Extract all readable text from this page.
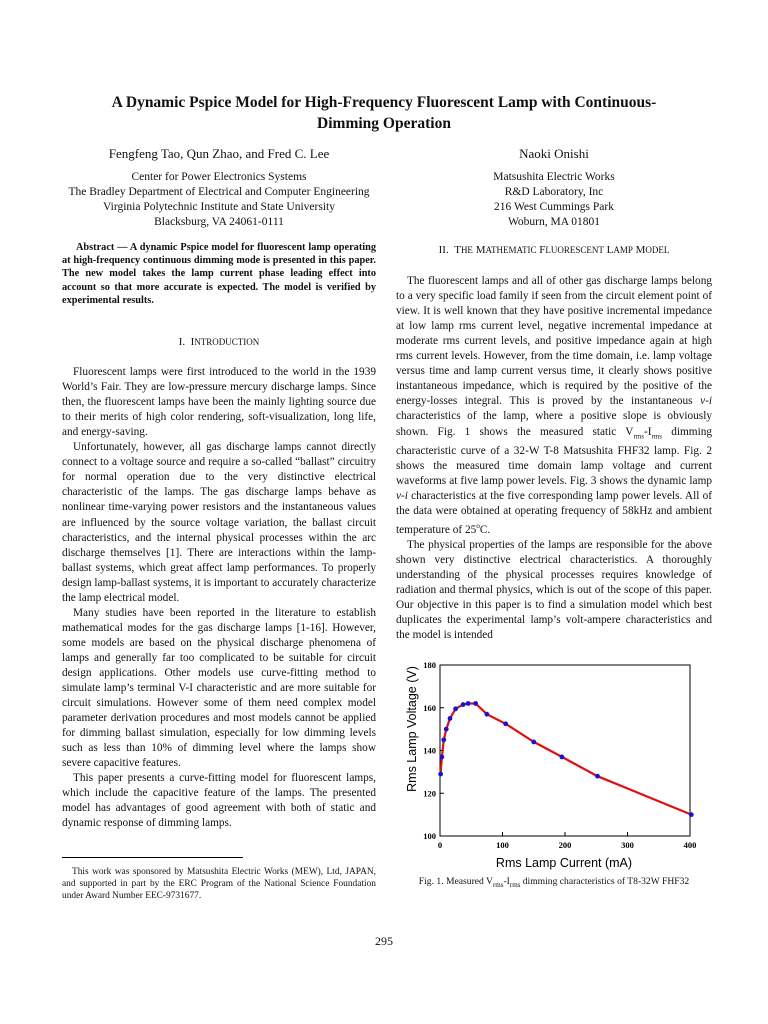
A Dynamic Pspice Model for High-Frequency Fluorescent Lamp with Continuous-
Dimming Operation
Fengfeng Tao, Qun Zhao, and Fred C. Lee	Naoki Onishi
Center for Power Electronics Systems
The Bradley Department of Electrical and Computer Engineering
Virginia Polytechnic Institute and State University
Blacksburg, VA 24061-0111
Matsushita Electric Works
R&D Laboratory, Inc
216 West Cummings Park
Woburn, MA 01801

Abstract — A dynamic Pspice model for fluorescent lamp operating at high-frequency continuous dimming mode is presented in this paper. The new model takes the lamp current phase leading effect into account so that more accurate is expected. The model is verified by experimental results.

I. INTRODUCTION

Fluorescent lamps were first introduced to the world in the 1939 World’s Fair. They are low-pressure mercury discharge lamps. Since then, the fluorescent lamps have been the mainly lighting source due to their merits of high color rendering, soft-visualization, long life, and energy-saving.

Unfortunately, however, all gas discharge lamps cannot directly connect to a voltage source and require a so-called “ballast” circuitry for normal operation due to the very distinctive electrical characteristic of the lamps. The gas discharge lamps behave as nonlinear time-varying power resistors and the instantaneous values are influenced by the source voltage variation, the ballast circuit characteristics, and the internal physical processes within the arc discharge themselves [1]. There are interactions within the lamp-ballast systems, which great affect lamp performances. To properly design lamp-ballast systems, it is important to accurately characterize the lamp electrical model.

Many studies have been reported in the literature to establish mathematical modes for the gas discharge lamps [1-16]. However, some models are based on the physical discharge phenomena of lamps and generally far too complicated to be suitable for circuit design applications. Other models use curve-fitting method to simulate lamp’s terminal V-I characteristic and are more suitable for circuit simulations. However some of them need complex model parameter derivation procedures and most models cannot be applied for dimming ballast simulation, especially for low dimming levels such as less than 10% of dimming level where the lamps show severe capacitive features.

This paper presents a curve-fitting model for fluorescent lamps, which include the capacitive feature of the lamps. The presented model has advantages of good agreement with both of static and dynamic response of dimming lamps.

This work was sponsored by Matsushita Electric Works (MEW), Ltd, JAPAN, and supported in part by the ERC Program of the National Science Foundation under Award Number EEC-9731677.

II. THE MATHEMATIC FLUORESCENT LAMP MODEL

The fluorescent lamps and all of other gas discharge lamps belong to a very specific load family if seen from the circuit element point of view. It is well known that they have positive incremental impedance at low lamp rms current level, negative incremental impedance at moderate rms current levels, and positive impedance again at high rms current levels. However, from the time domain, i.e. lamp voltage versus time and lamp current versus time, it clearly shows positive instantaneous impedance, which is required by the positive of the energy-losses integral. This is proved by the instantaneous v-i characteristics of the lamp, where a positive slope is obviously shown. Fig. 1 shows the measured static $V_{rms}-I_{rms}$ dimming characteristic curve of a 32-W T-8 Matsushita FHF32 lamp. Fig. 2 shows the measured time domain lamp voltage and current waveforms at five lamp power levels. Fig. 3 shows the dynamic lamp v-i characteristics at the five corresponding lamp power levels. All of the data were obtained at operating frequency of 58kHz and ambient temperature of 25$^o$C.

The physical properties of the lamps are responsible for the above shown very distinctive electrical characteristics. A thoroughly understanding of the physical processes requires knowledge of radiation and thermal physics, which is out of the scope of this paper. Our objective in this paper is to find a simulation model which best duplicates the experimental lamp’s volt-ampere characteristics and the model is intended

Rms Lamp Voltage (V)
Rms Lamp Current (mA)
0	100	200	300	400
100
120
140
160
180
Fig. 1. Measured $V_{rms}-I_{rms}$ dimming characteristics of T8-32W FHF32
295
